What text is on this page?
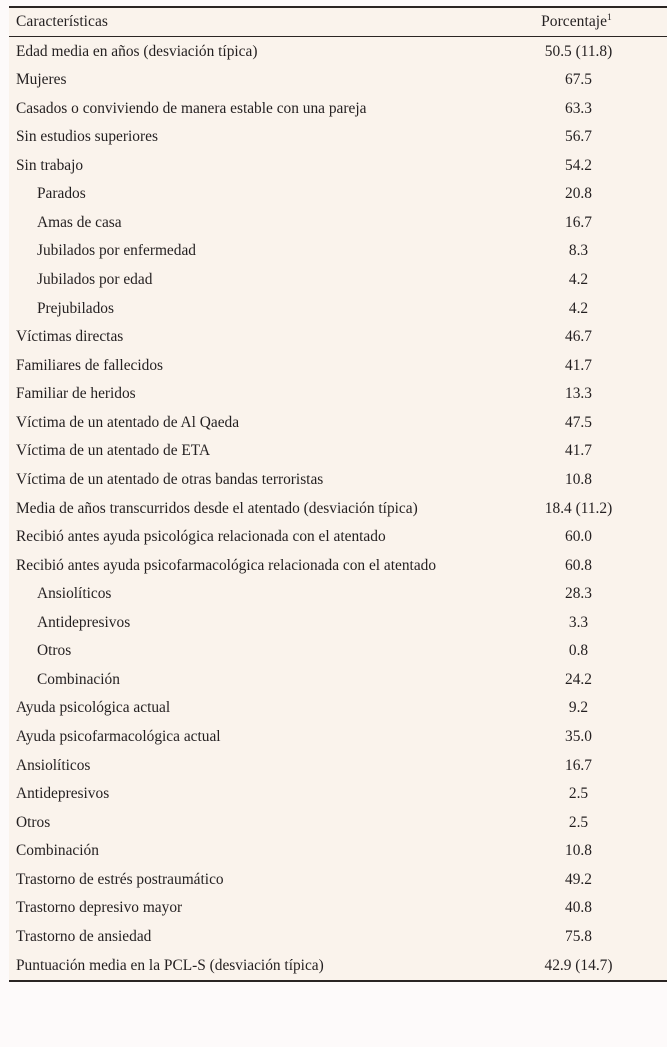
Características	Porcentaje$^1$
Edad media en años (desviación típica)	50.5 (11.8)
Mujeres	67.5
Casados o conviviendo de manera estable con una pareja	63.3
Sin estudios superiores	56.7
Sin trabajo	54.2
Parados	20.8
Amas de casa	16.7
Jubilados por enfermedad	8.3
Jubilados por edad	4.2
Prejubilados	4.2
Víctimas directas	46.7
Familiares de fallecidos	41.7
Familiar de heridos	13.3
Víctima de un atentado de Al Qaeda	47.5
Víctima de un atentado de ETA	41.7
Víctima de un atentado de otras bandas terroristas	10.8
Media de años transcurridos desde el atentado (desviación típica)	18.4 (11.2)
Recibió antes ayuda psicológica relacionada con el atentado	60.0
Recibió antes ayuda psicofarmacológica relacionada con el atentado	60.8
Ansiolíticos	28.3
Antidepresivos	3.3
Otros	0.8
Combinación	24.2
Ayuda psicológica actual	9.2
Ayuda psicofarmacológica actual	35.0
Ansiolíticos	16.7
Antidepresivos	2.5
Otros	2.5
Combinación	10.8
Trastorno de estrés postraumático	49.2
Trastorno depresivo mayor	40.8
Trastorno de ansiedad	75.8
Puntuación media en la PCL-S (desviación típica)	42.9 (14.7)
